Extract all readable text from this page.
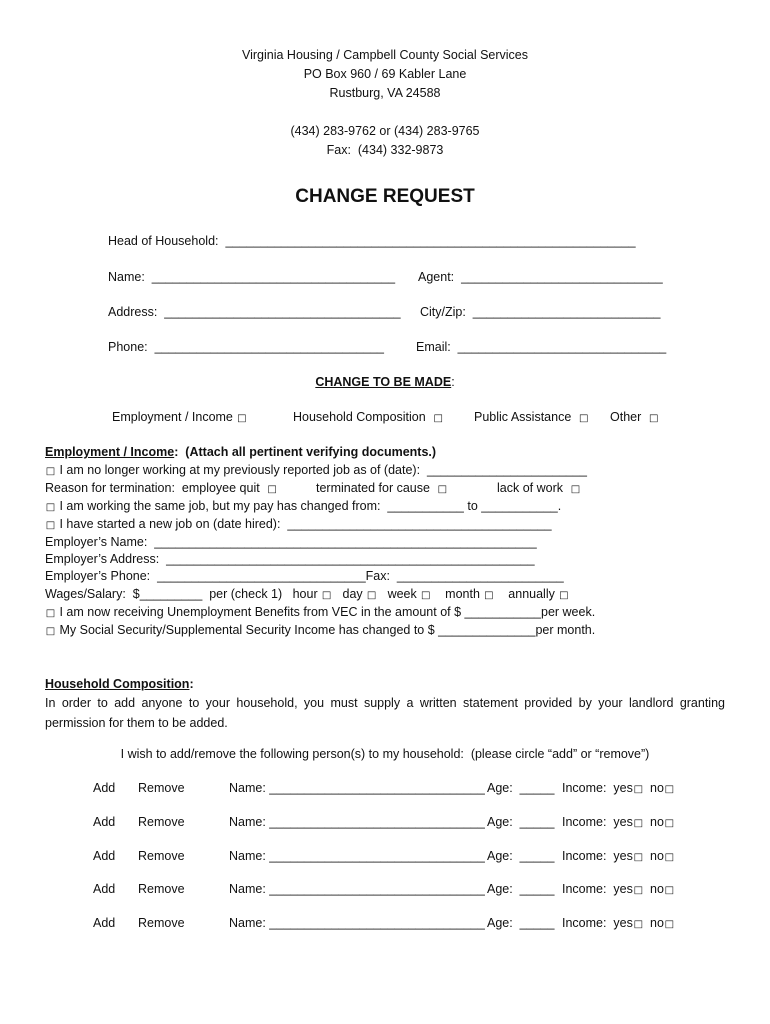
Virginia Housing / Campbell County Social Services
PO Box 960 / 69 Kabler Lane
Rustburg, VA 24588
(434) 283-9762 or (434) 283-9765
Fax:  (434) 332-9873
CHANGE REQUEST
Head of Household:  ___________________________________________________________
Name:  ___________________________________ Agent:  _____________________________
Address:  __________________________________ City/Zip:  ___________________________
Phone:  _________________________________	Email:  ______________________________
CHANGE TO BE MADE:
Employment / Income □	Household Composition □ Public Assistance □ Other □
Employment / Income:  (Attach all pertinent verifying documents.)
□ I am no longer working at my previously reported job as of (date):  _______________________
Reason for termination:  employee quit □	terminated for cause □	lack of work □
□ I am working the same job, but my pay has changed from:  ___________ to ___________.
□ I have started a new job on (date hired):  ______________________________________
Employer’s Name:  _______________________________________________________
Employer’s Address:  _____________________________________________________
Employer’s Phone:  ______________________________Fax:  ________________________
Wages/Salary:  $_________  per (check 1)   hour □ day □ week □ month □ annually □
□ I am now receiving Unemployment Benefits from VEC in the amount of $ ___________per week.
□ My Social Security/Supplemental Security Income has changed to $ ______________per month.
Household Composition:
In order to add anyone to your household, you must supply a written statement provided by your landlord granting permission for them to be added.
I wish to add/remove the following person(s) to my household:  (please circle “add” or “remove”)
Add Remove	Name: _______________________________ Age:  _____ Income:  yes□ no□
Add Remove	Name: _______________________________ Age:  _____ Income:  yes□ no□
Add Remove	Name: _______________________________ Age:  _____ Income:  yes□ no□
Add Remove	Name: _______________________________ Age:  _____ Income:  yes□ no□
Add Remove	Name: _______________________________ Age:  _____ Income:  yes□ no□
